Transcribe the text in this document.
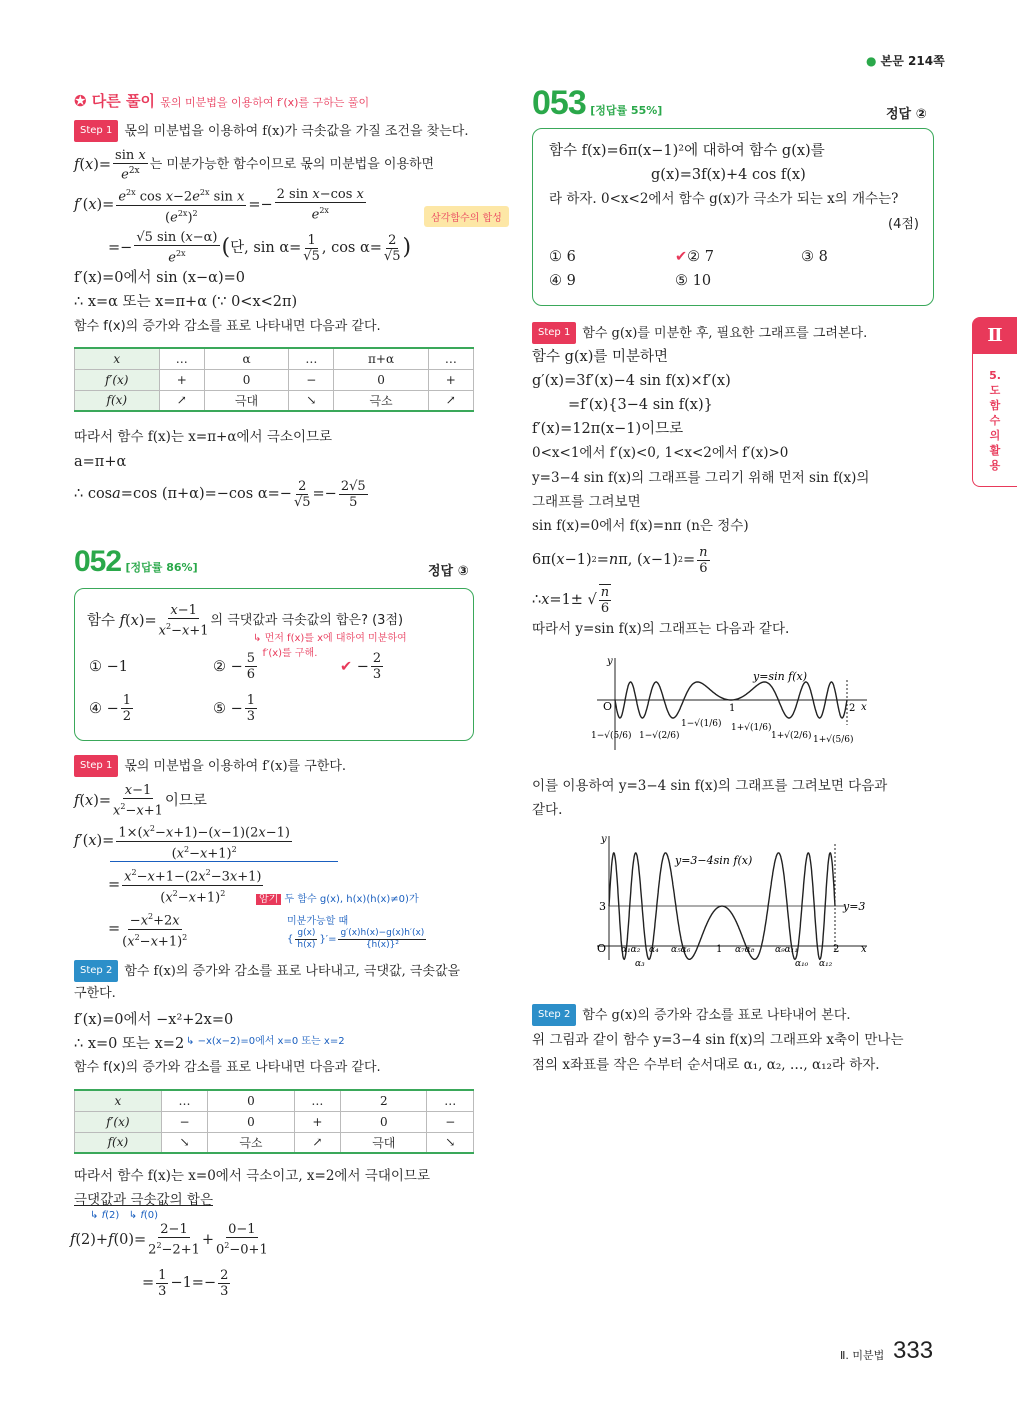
● 본문 214쪽
Ⅱ
5.도함수의 활용
✪ 다른 풀이 몫의 미분법을 이용하여 f′(x)를 구하는 풀이
Step 1 몫의 미분법을 이용하여 f(x)가 극솟값을 가질 조건을 찾는다.
f ( x )= $\frac{\text{sin x}}{e^{2x}}$ 는 미분가능한 함수이므로 몫의 미분법을 이용하면
f ′( x )= $\frac{e^{2x} \cos x-2e^{2x} \sin x}{(e^{2x})^2} =- \frac{\text{2 sin x−cos x}}{e^{2x}}$	삼각함수의 합성
=− $\frac{√5 \sin (x-\alpha)}{e^{2x}}$ ( 단, $\sin \alpha= \frac{1}{√5}$ , $\cos \alpha= \frac{2}{√5}$ )
f′(x)=0에서 sin (x−α)=0
∴ x=α 또는 x=π+α (∵ 0<x<2π)
함수 f(x)의 증가와 감소를 표로 나타내면 다음과 같다.
x	…	α	…	π+α	…
f′(x)	+	0	−	0	+
f(x)	↗	극대	↘	극소	↗
따라서 함수 f(x)는 x=π+α에서 극소이므로
a=π+α
∴ cos a =cos (π+α)=−cos $\alpha=- \frac{2}{√5} =- \frac{2√5}{5}$
052 [정답률 86%]	정답 ③
함수 f ( x )= $\frac{x-1}{x^2-x+1}$ 의 극댓값과 극솟값의 합은? (3점)
↳ 먼저 f(x)를 x에 대하여 미분하여
f′(x)를 구해.
① −1	② − $\frac{5}{6}$	✔ − $\frac{2}{3}$
④ − $\frac{1}{2}$	⑤ − $\frac{1}{3}$
Step 1 몫의 미분법을 이용하여 f′(x)를 구한다.
f ( x )= $\frac{x-1}{x^2-x+1}$ 이므로
f ′( x )= $\frac{1\times(x^2-x+1)-(x-1)(2x-1)}{(x^2-x+1)^2}$
= $\frac{x^2-x+1-(2x^2-3x+1)}{(x^2-x+1)^2}$
암기 두 함수 g(x), h(x)(h(x)≠0)가
미분가능할 때
{ $\frac{g(x)}{h(x)}$ }′= $\frac{g'(x)h(x)-g(x)h'(x)}{\text{\{h(x)\}²}}$
= $\frac{-x^2+2x}{(x^2-x+1)^2}$
Step 2 함수 f(x)의 증가와 감소를 표로 나타내고, 극댓값, 극솟값을
구한다.
f′(x)=0에서 −x²+2x=0
↳ −x(x−2)=0에서 x=0 또는 x=2
∴ x=0 또는 x=2
함수 f(x)의 증가와 감소를 표로 나타내면 다음과 같다.
x	…	0	…	2	…
f′(x)	−	0	+	0	−
f(x)	↘	극소	↗	극대	↘
따라서 함수 f(x)는 x=0에서 극소이고, x=2에서 극대이므로
극댓값과 극솟값의 합은
↳ f(2)   ↳ f(0)
f (2)+ f $(0)= \frac{2-1}{2^2-2+1} + \frac{0-1}{0^2-0+1}$
= $\frac{1}{3} -1=- \frac{2}{3}$
053 [정답률 55%]	정답 ②
함수 f(x)=6π(x−1)²에 대하여 함수 g(x)를
g(x)=3f(x)+4 cos f(x)
라 하자. 0<x<2에서 함수 g(x)가 극소가 되는 x의 개수는?
(4점)
① 6	✔② 7	③ 8
④ 9	⑤ 10
Step 1 함수 g(x)를 미분한 후, 필요한 그래프를 그려본다.
함수 g(x)를 미분하면
g′(x)=3f′(x)−4 sin f(x)×f′(x)
=f′(x){3−4 sin f(x)}
f′(x)=12π(x−1)이므로
0<x<1에서 f′(x)<0, 1<x<2에서 f′(x)>0
y=3−4 sin f(x)의 그래프를 그리기 위해 먼저 sin f(x)의
그래프를 그려보면
sin f(x)=0에서 f(x)=nπ (n은 정수)
6π( x −1) 2 = n π, ( x −1) $2 = \frac{n}{6}$
∴ x =1± √ $\frac{n}{6}$
따라서 y=sin f(x)의 그래프는 다음과 같다.
y
x
O	2
1
y=sin f(x)
1−√(5/6) 1−√(2/6)
1−√(1/6) 1+√(1/6)
1+√(2/6) 1+√(5/6)
이를 이용하여 y=3−4 sin f(x)의 그래프를 그려보면 다음과
같다.
y
x
O
3	y=3
y=3−4sin f(x)
2
1
α₃	α₁₀ α₁₂
α₁α₂ α₄ α₅α₆	α₇α₈ α₉α₁₁
Step 2 함수 g(x)의 증가와 감소를 표로 나타내어 본다.
위 그림과 같이 함수 y=3−4 sin f(x)의 그래프와 x축이 만나는
점의 x좌표를 작은 수부터 순서대로 α₁, α₂, …, α₁₂라 하자.
Ⅱ. 미분법 333
